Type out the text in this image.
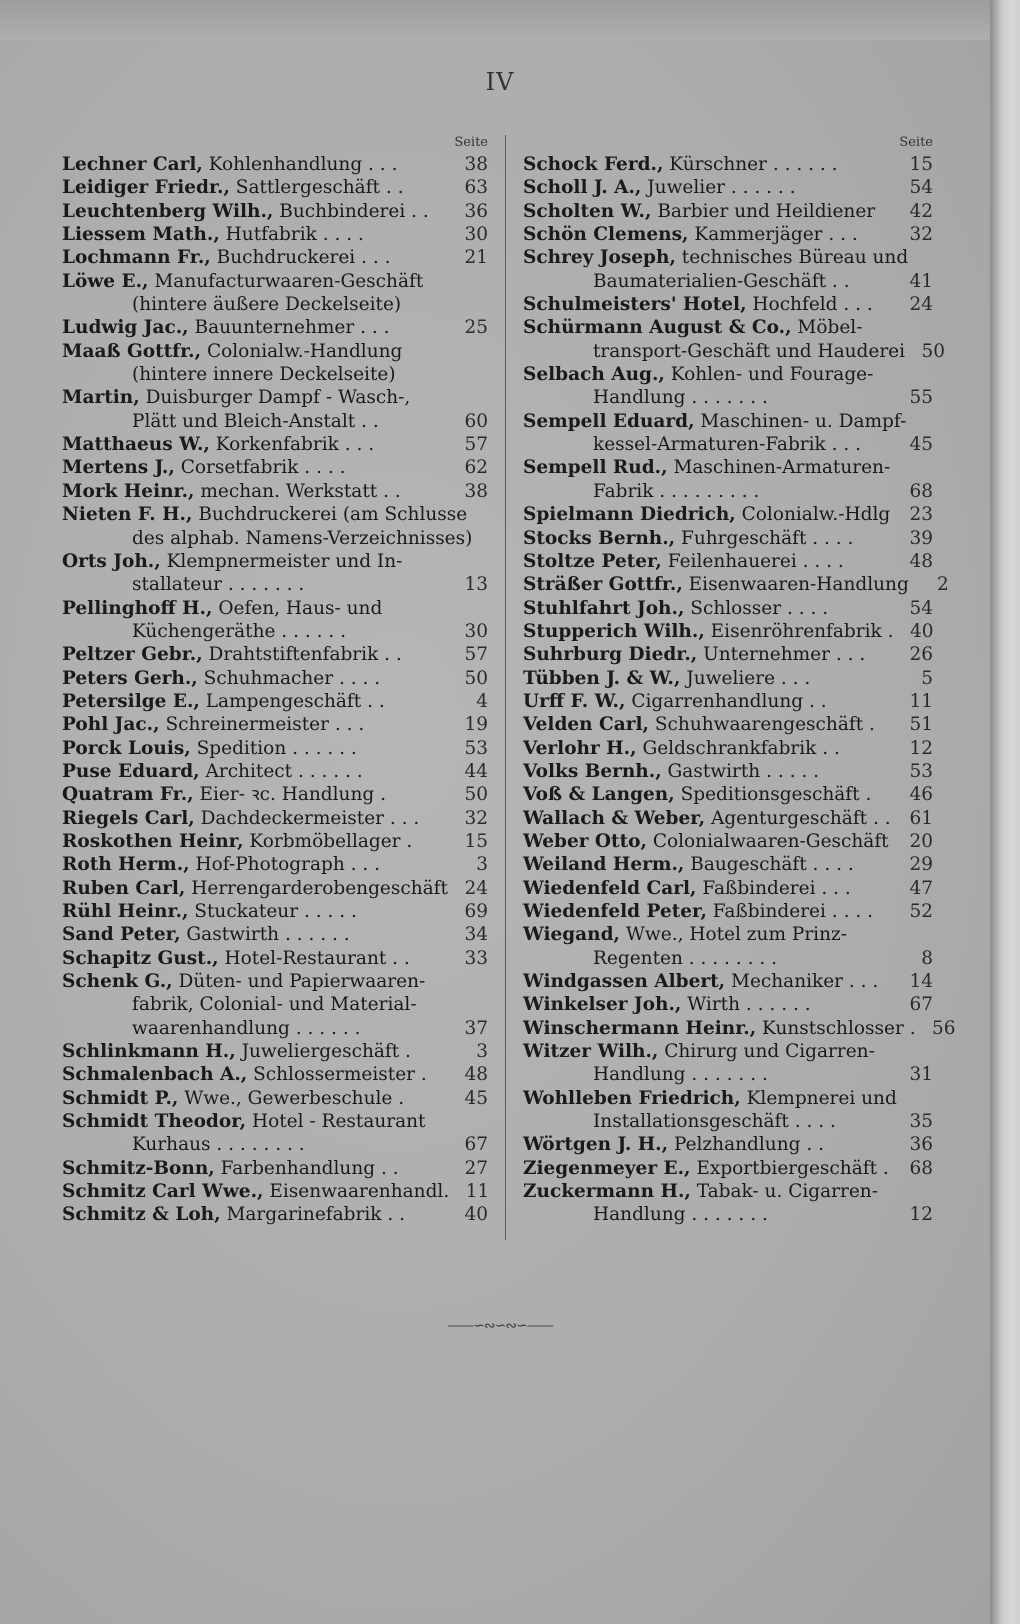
IV
Seite
Lechner Carl, Kohlenhandlung . . .	38
Leidiger Friedr., Sattlergeschäft . .	63
Leuchtenberg Wilh., Buchbinderei . .	36
Liessem Math., Hutfabrik . . . .	30
Lochmann Fr., Buchdruckerei . . .	21
Löwe E., Manufacturwaaren-Geschäft
(hintere äußere Deckelseite)
Ludwig Jac., Bauunternehmer . . .	25
Maaß Gottfr., Colonialw.-Handlung
(hintere innere Deckelseite)
Martin, Duisburger Dampf - Wasch-,
Plätt und Bleich-Anstalt . .	60
Matthaeus W., Korkenfabrik . . .	57
Mertens J., Corsetfabrik . . . .	62
Mork Heinr., mechan. Werkstatt . .	38
Nieten F. H., Buchdruckerei (am Schlusse
des alphab. Namens-Verzeichnisses)
Orts Joh., Klempnermeister und In-
stallateur . . . . . . .	13
Pellinghoff H., Oefen, Haus- und
Küchengeräthe . . . . . .	30
Peltzer Gebr., Drahtstiftenfabrik . .	57
Peters Gerh., Schuhmacher . . . .	50
Petersilge E., Lampengeschäft . .	4
Pohl Jac., Schreinermeister . . .	19
Porck Louis, Spedition . . . . . .	53
Puse Eduard, Architect . . . . . .	44
Quatram Fr., Eier- ꝛc. Handlung .	50
Riegels Carl, Dachdeckermeister . . .	32
Roskothen Heinr, Korbmöbellager .	15
Roth Herm., Hof-Photograph . . .	3
Ruben Carl, Herrengarderobengeschäft 24
Rühl Heinr., Stuckateur . . . . .	69
Sand Peter, Gastwirth . . . . . .	34
Schapitz Gust., Hotel-Restaurant . .	33
Schenk G., Düten- und Papierwaaren-
fabrik, Colonial- und Material-
waarenhandlung . . . . . .	37
Schlinkmann H., Juweliergeschäft .	3
Schmalenbach A., Schlossermeister .	48
Schmidt P., Wwe., Gewerbeschule .	45
Schmidt Theodor, Hotel - Restaurant
Kurhaus . . . . . . . .	67
Schmitz-Bonn, Farbenhandlung . .	27
Schmitz Carl Wwe., Eisenwaarenhandl. 11
Schmitz & Loh, Margarinefabrik . .	40
Seite
Schock Ferd., Kürschner . . . . . .	15
Scholl J. A., Juwelier . . . . . .	54
Scholten W., Barbier und Heildiener	42
Schön Clemens, Kammerjäger . . .	32
Schrey Joseph, technisches Büreau und
Baumaterialien-Geschäft . .	41
Schulmeisters' Hotel, Hochfeld . . .	24
Schürmann August & Co., Möbel-
transport-Geschäft und Hauderei 50
Selbach Aug., Kohlen- und Fourage-
Handlung . . . . . . .	55
Sempell Eduard, Maschinen- u. Dampf-
kessel-Armaturen-Fabrik . . .	45
Sempell Rud., Maschinen-Armaturen-
Fabrik . . . . . . . . .	68
Spielmann Diedrich, Colonialw.-Hdlg	23
Stocks Bernh., Fuhrgeschäft . . . .	39
Stoltze Peter, Feilenhauerei . . . .	48
Sträßer Gottfr., Eisenwaaren-Handlung	2
Stuhlfahrt Joh., Schlosser . . . .	54
Stupperich Wilh., Eisenröhrenfabrik . 40
Suhrburg Diedr., Unternehmer . . .	26
Tübben J. & W., Juweliere . . .	5
Urff F. W., Cigarrenhandlung . .	11
Velden Carl, Schuhwaarengeschäft .	51
Verlohr H., Geldschrankfabrik . .	12
Volks Bernh., Gastwirth . . . . .	53
Voß & Langen, Speditionsgeschäft .	46
Wallach & Weber, Agenturgeschäft . .	61
Weber Otto, Colonialwaaren-Geschäft	20
Weiland Herm., Baugeschäft . . . .	29
Wiedenfeld Carl, Faßbinderei . . .	47
Wiedenfeld Peter, Faßbinderei . . . .	52
Wiegand, Wwe., Hotel zum Prinz-
Regenten . . . . . . . .	8
Windgassen Albert, Mechaniker . . .	14
Winkelser Joh., Wirth . . . . . .	67
Winschermann Heinr., Kunstschlosser . 56
Witzer Wilh., Chirurg und Cigarren-
Handlung . . . . . . .	31
Wohlleben Friedrich, Klempnerei und
Installationsgeschäft . . . .	35
Wörtgen J. H., Pelzhandlung . .	36
Ziegenmeyer E., Exportbiergeschäft .	68
Zuckermann H., Tabak- u. Cigarren-
Handlung . . . . . . .	12
——∽∾∽∾∽——
